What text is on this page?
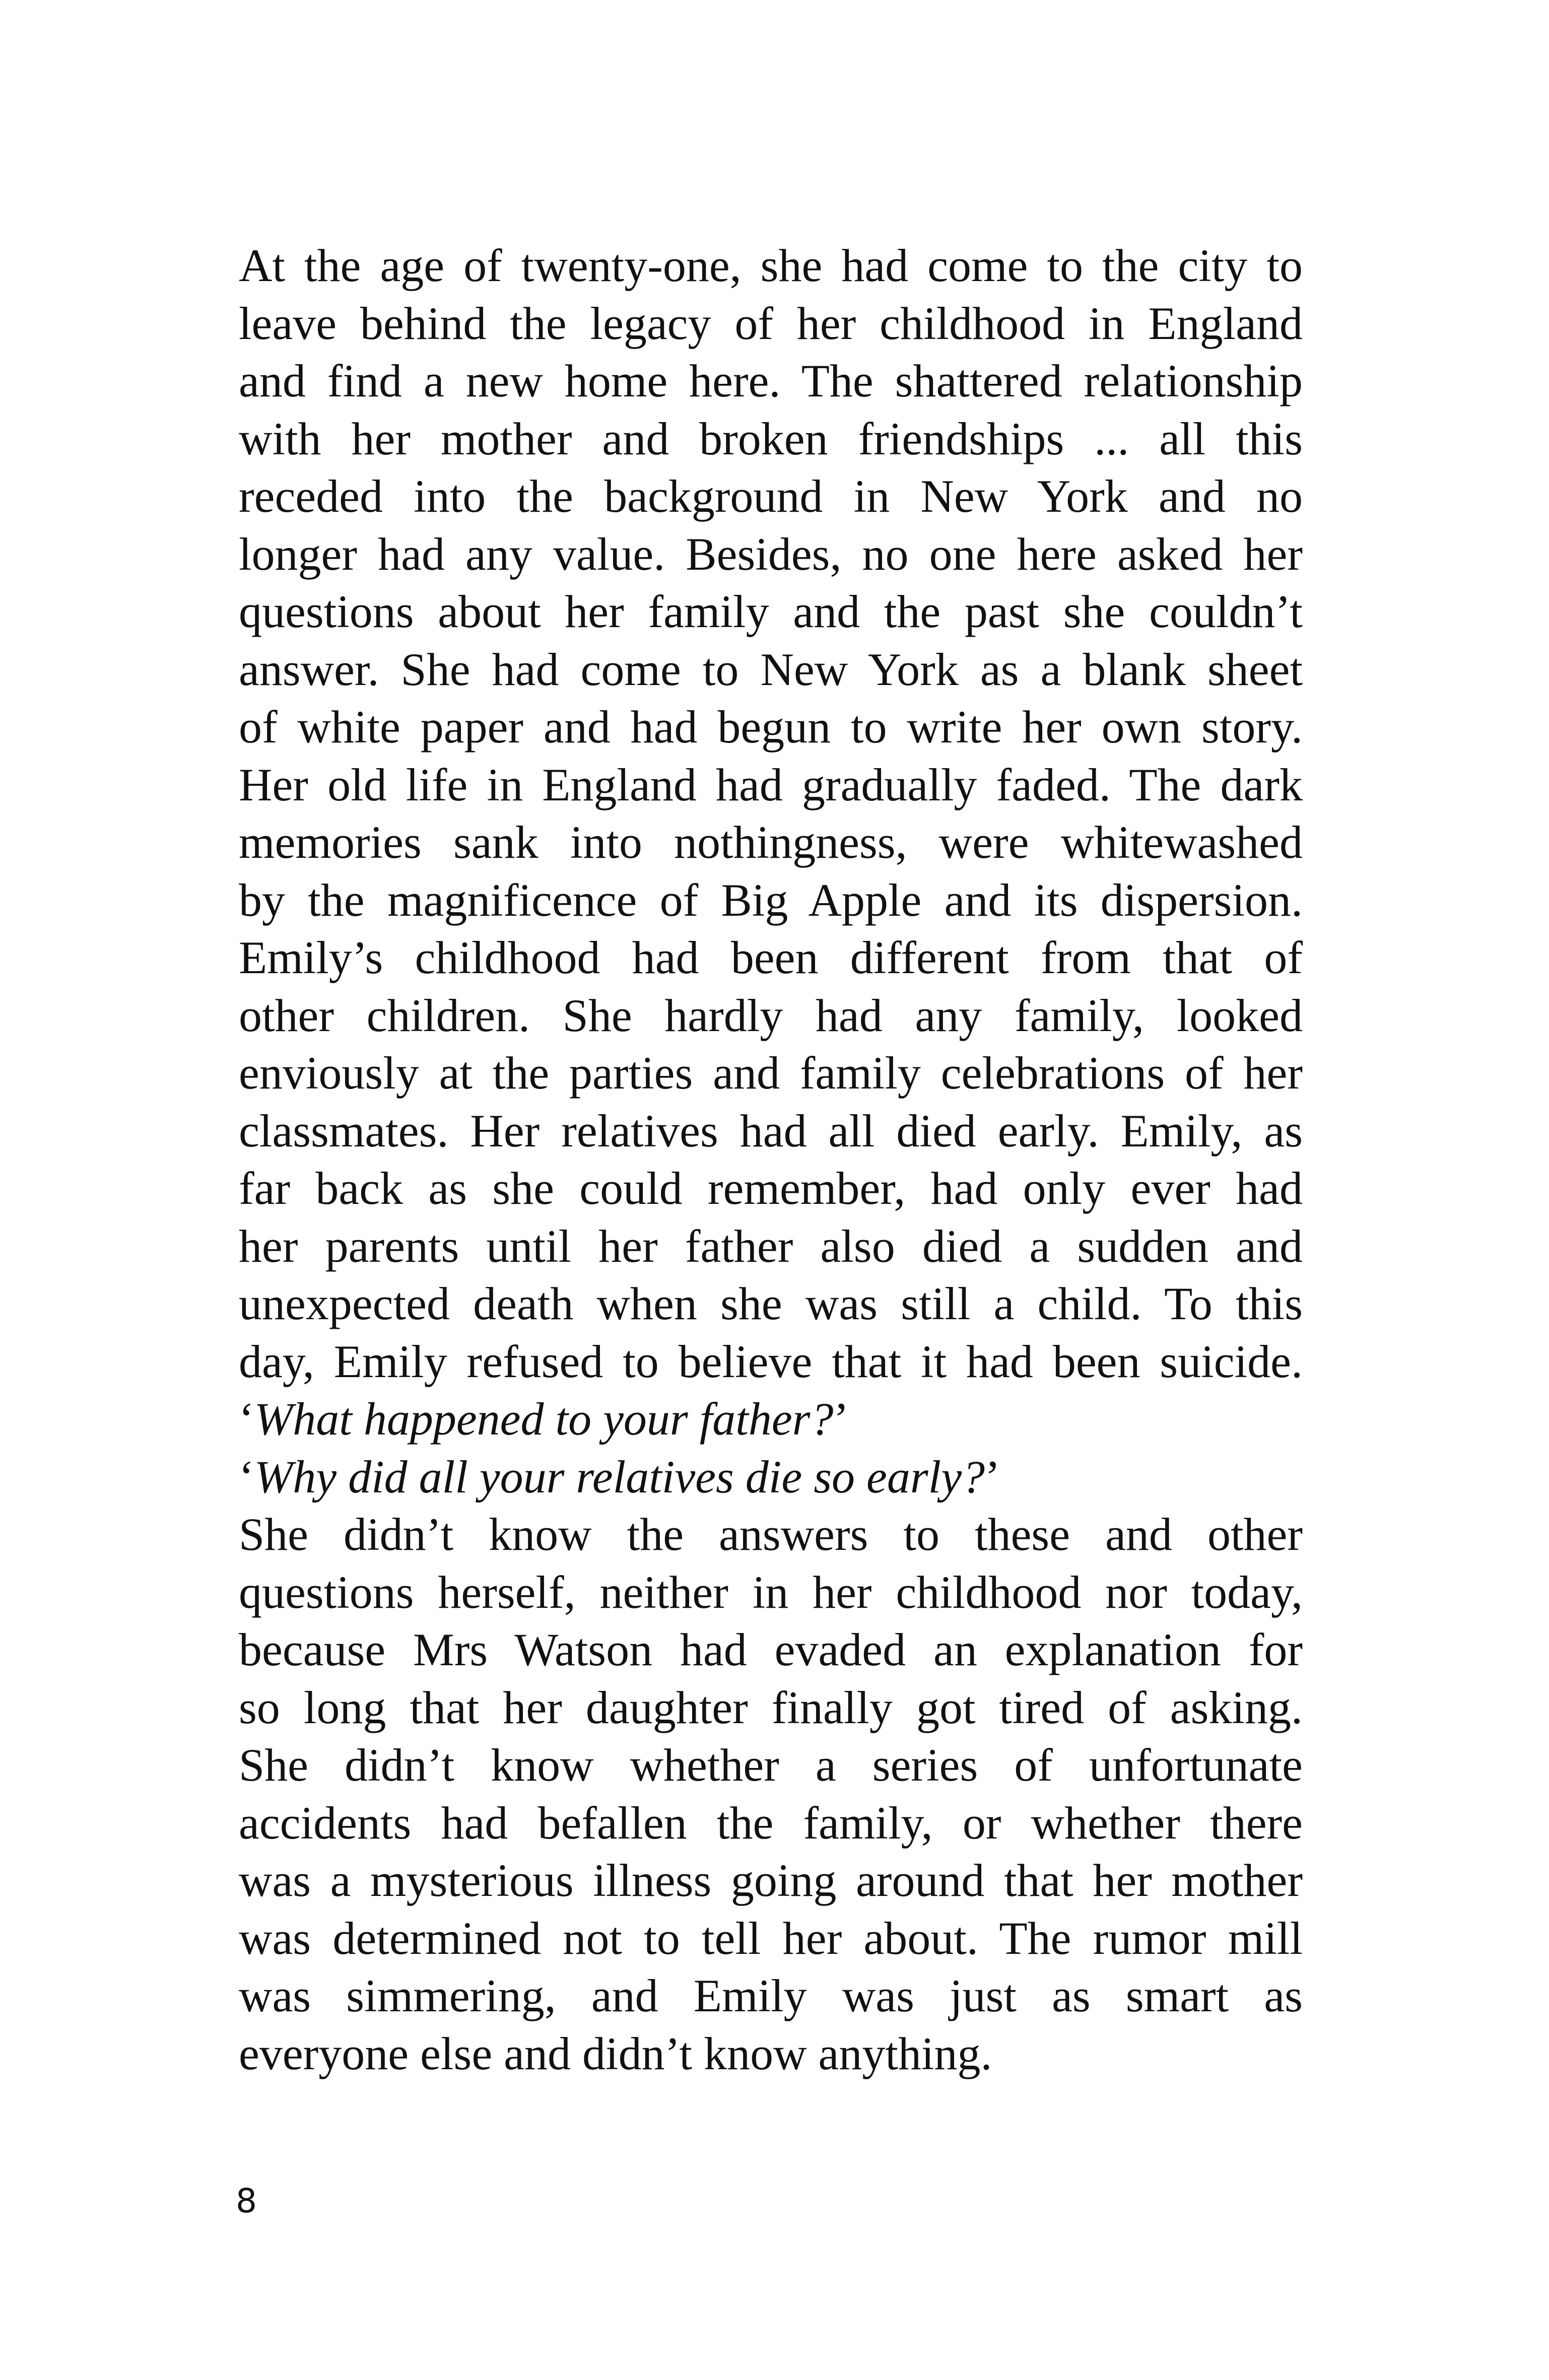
At the age of twenty-one, she had come to the city to
leave behind the legacy of her childhood in England
and find a new home here. The shattered relationship
with her mother and broken friendships ... all this
receded into the background in New York and no
longer had any value. Besides, no one here asked her
questions about her family and the past she couldn’t
answer. She had come to New York as a blank sheet
of white paper and had begun to write her own story.
Her old life in England had gradually faded. The dark
memories sank into nothingness, were whitewashed
by the magnificence of Big Apple and its dispersion.
Emily’s childhood had been different from that of
other children. She hardly had any family, looked
enviously at the parties and family celebrations of her
classmates. Her relatives had all died early. Emily, as
far back as she could remember, had only ever had
her parents until her father also died a sudden and
unexpected death when she was still a child. To this
day, Emily refused to believe that it had been suicide.
‘What happened to your father?’
‘Why did all your relatives die so early?’
She didn’t know the answers to these and other
questions herself, neither in her childhood nor today,
because Mrs Watson had evaded an explanation for
so long that her daughter finally got tired of asking.
She didn’t know whether a series of unfortunate
accidents had befallen the family, or whether there
was a mysterious illness going around that her mother
was determined not to tell her about. The rumor mill
was simmering, and Emily was just as smart as
everyone else and didn’t know anything.
8
